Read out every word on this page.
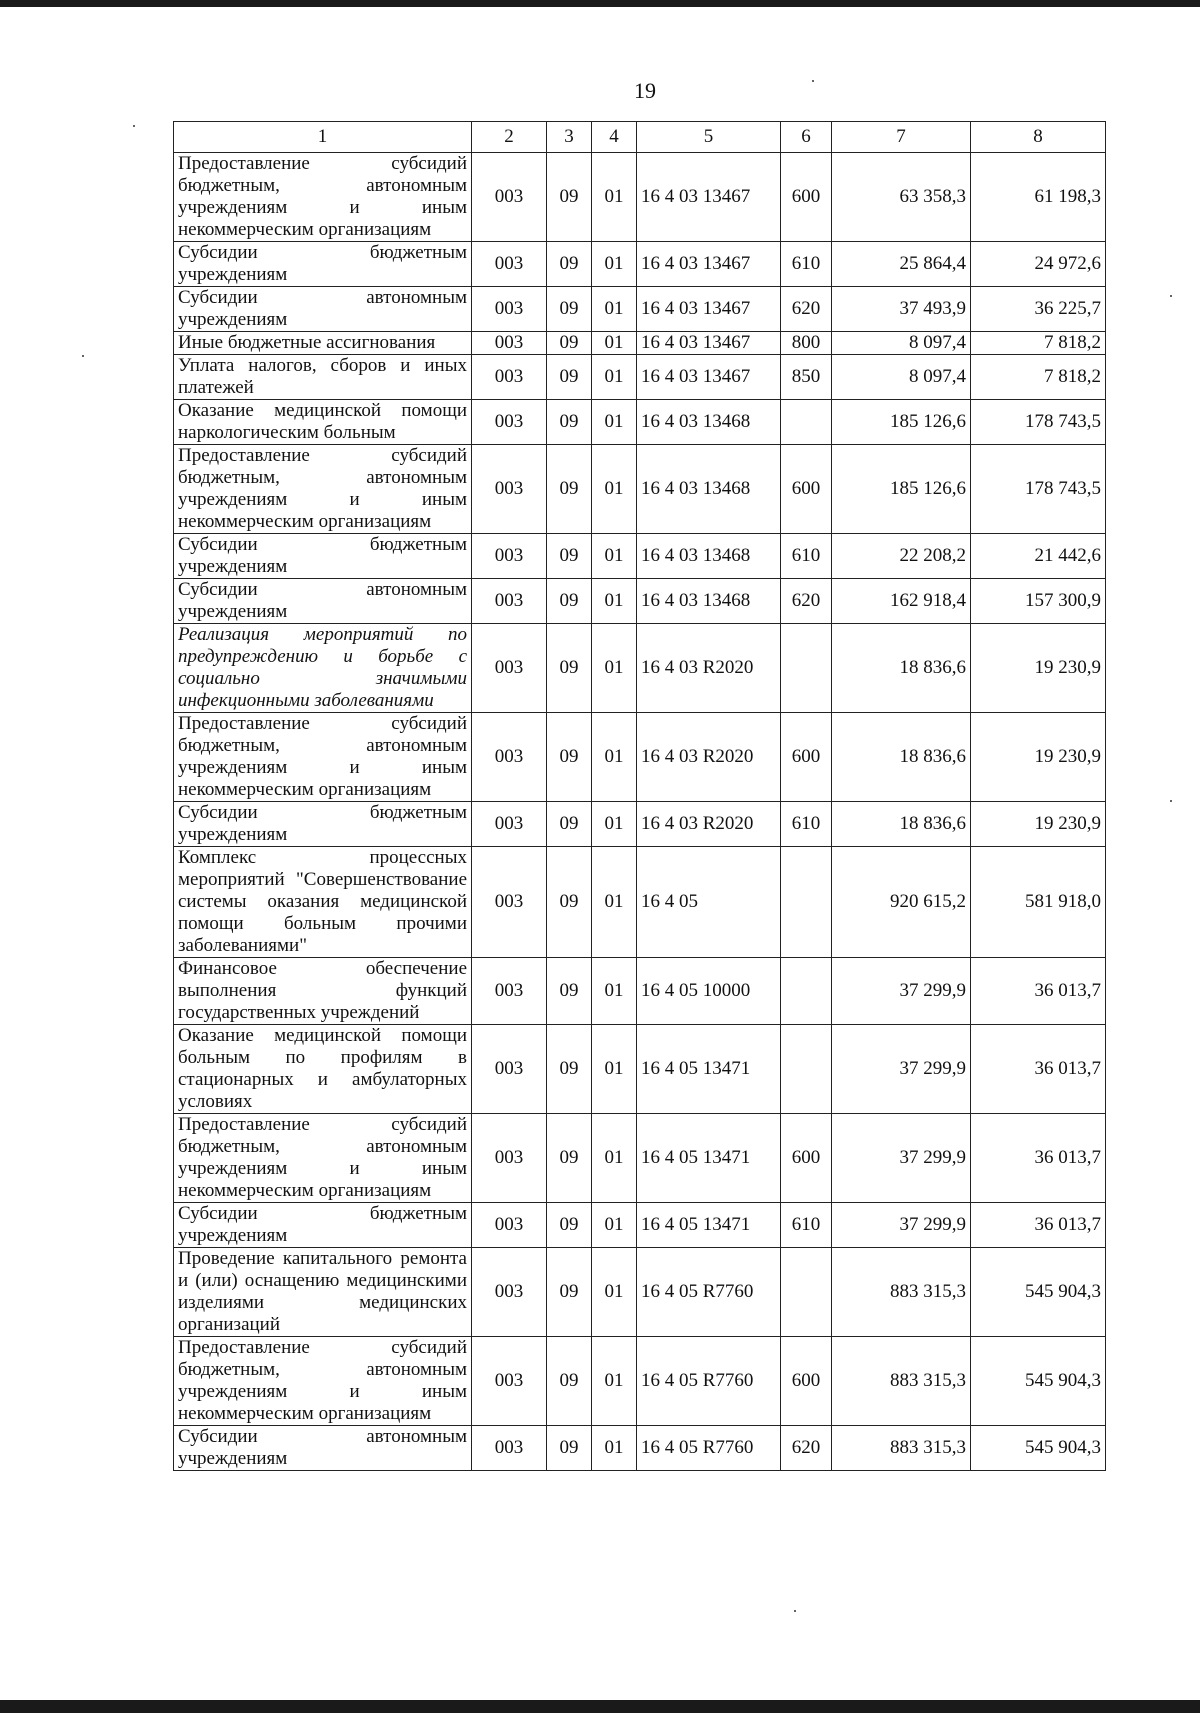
19
1	2	3	4	5	6	7	8
Предоставление субсидий бюджетным, автономным учреждениям и иным некоммерческим организациям	003	09	01	16 4 03 13467	600	63 358,3	61 198,3
Субсидии бюджетным учреждениям	003	09	01	16 4 03 13467	610	25 864,4	24 972,6
Субсидии автономным учреждениям	003	09	01	16 4 03 13467	620	37 493,9	36 225,7
Иные бюджетные ассигнования	003	09	01	16 4 03 13467	800	8 097,4	7 818,2
Уплата налогов, сборов и иных платежей	003	09	01	16 4 03 13467	850	8 097,4	7 818,2
Оказание медицинской помощи наркологическим больным	003	09	01	16 4 03 13468		185 126,6	178 743,5
Предоставление субсидий бюджетным, автономным учреждениям и иным некоммерческим организациям	003	09	01	16 4 03 13468	600	185 126,6	178 743,5
Субсидии бюджетным учреждениям	003	09	01	16 4 03 13468	610	22 208,2	21 442,6
Субсидии автономным учреждениям	003	09	01	16 4 03 13468	620	162 918,4	157 300,9
Реализация мероприятий по предупреждению и борьбе с социально значимыми инфекционными заболеваниями	003	09	01	16 4 03 R2020		18 836,6	19 230,9
Предоставление субсидий бюджетным, автономным учреждениям и иным некоммерческим организациям	003	09	01	16 4 03 R2020	600	18 836,6	19 230,9
Субсидии бюджетным учреждениям	003	09	01	16 4 03 R2020	610	18 836,6	19 230,9
Комплекс процессных мероприятий "Совершенствование системы оказания медицинской помощи больным прочими заболеваниями"	003	09	01	16 4 05		920 615,2	581 918,0
Финансовое обеспечение выполнения функций государственных учреждений	003	09	01	16 4 05 10000		37 299,9	36 013,7
Оказание медицинской помощи больным по профилям в стационарных и амбулаторных условиях	003	09	01	16 4 05 13471		37 299,9	36 013,7
Предоставление субсидий бюджетным, автономным учреждениям и иным некоммерческим организациям	003	09	01	16 4 05 13471	600	37 299,9	36 013,7
Субсидии бюджетным учреждениям	003	09	01	16 4 05 13471	610	37 299,9	36 013,7
Проведение капитального ремонта и (или) оснащению медицинскими изделиями медицинских организаций	003	09	01	16 4 05 R7760		883 315,3	545 904,3
Предоставление субсидий бюджетным, автономным учреждениям и иным некоммерческим организациям	003	09	01	16 4 05 R7760	600	883 315,3	545 904,3
Субсидии автономным учреждениям	003	09	01	16 4 05 R7760	620	883 315,3	545 904,3
